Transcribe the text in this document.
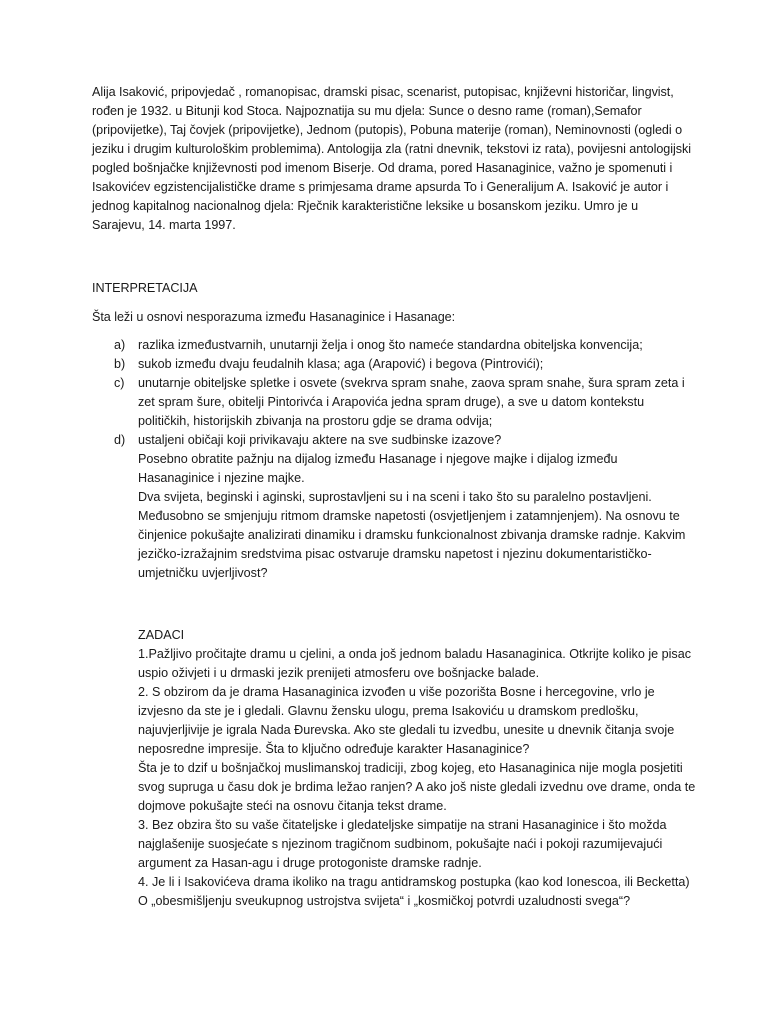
Alija Isaković, pripovjedač , romanopisac, dramski pisac, scenarist, putopisac, književni historičar, lingvist, rođen je 1932. u Bitunji kod Stoca. Najpoznatija su mu djela: Sunce o desno rame (roman),Semafor (pripovijetke), Taj čovjek (pripovijetke), Jednom (putopis), Pobuna materije (roman), Neminovnosti (ogledi o jeziku i drugim kulturološkim problemima). Antologija zla (ratni dnevnik, tekstovi iz rata), povijesni antologijski pogled bošnjačke književnosti pod imenom Biserje. Od drama, pored Hasanaginice, važno je spomenuti i Isakovićev egzistencijalističke drame s primjesama drame apsurda To i Generalijum A. Isaković je autor i jednog kapitalnog nacionalnog djela: Rječnik karakteristične leksike u bosanskom jeziku. Umro je u Sarajevu, 14. marta 1997.

INTERPRETACIJA

Šta leži u osnovi nesporazuma između Hasanaginice i Hasanage:

a) razlika izmeđustvarnih, unutarnji želja i onog što nameće standardna obiteljska konvencija;
b) sukob između dvaju feudalnih klasa; aga (Arapović) i begova (Pintrovići);
c) unutarnje obiteljske spletke i osvete (svekrva spram snahe, zaova spram snahe, šura spram zeta i zet spram šure, obitelji Pintorivća i Arapovića jedna spram druge), a sve u datom kontekstu političkih, historijskih zbivanja na prostoru gdje se drama odvija;
d) ustaljeni običaji koji privikavaju aktere na sve sudbinske izazove?
Posebno obratite pažnju na dijalog između Hasanage i njegove majke i dijalog između Hasanaginice i njezine majke.
Dva svijeta, beginski i aginski, suprostavljeni su i na sceni i tako što su paralelno postavljeni. Međusobno se smjenjuju ritmom dramske napetosti (osvjetljenjem i zatamnjenjem). Na osnovu te činjenice pokušajte analizirati dinamiku i dramsku funkcionalnost zbivanja dramske radnje. Kakvim jezičko-izražajnim sredstvima pisac ostvaruje dramsku napetost i njezinu dokumentarističko-umjetničku uvjerljivost?

ZADACI

1.Pažljivo pročitajte dramu u cjelini, a onda još jednom baladu Hasanaginica. Otkrijte koliko je pisac uspio oživjeti i u drmaski jezik prenijeti atmosferu ove bošnjacke balade.

2. S obzirom da je drama Hasanaginica izvođen u više pozorišta Bosne i hercegovine, vrlo je izvjesno da ste je i gledali. Glavnu žensku ulogu, prema Isakoviću u dramskom predlošku, najuvjerljivije je igrala Nada Đurevska. Ako ste gledali tu izvedbu, unesite u dnevnik čitanja svoje neposredne impresije. Šta to ključno određuje karakter Hasanaginice?

Šta je to dzif u bošnjačkoj muslimanskoj tradiciji, zbog kojeg, eto Hasanaginica nije mogla posjetiti svog supruga u času dok je brdima ležao ranjen? A ako još niste gledali izvednu ove drame, onda te dojmove pokušajte steći na osnovu čitanja tekst drame.

3. Bez obzira što su vaše čitateljske i gledateljske simpatije na strani Hasanaginice i što možda najglašenije suosjećate s njezinom tragičnom sudbinom, pokušajte naći i pokoji razumijevajući argument za Hasan-agu i druge protogoniste dramske radnje.

4. Je li i Isakovićeva drama ikoliko na tragu antidramskog postupka (kao kod Ionescoa, ili Becketta) O „obesmišljenju sveukupnog ustrojstva svijeta“ i „kosmičkoj potvrdi uzaludnosti svega“?
